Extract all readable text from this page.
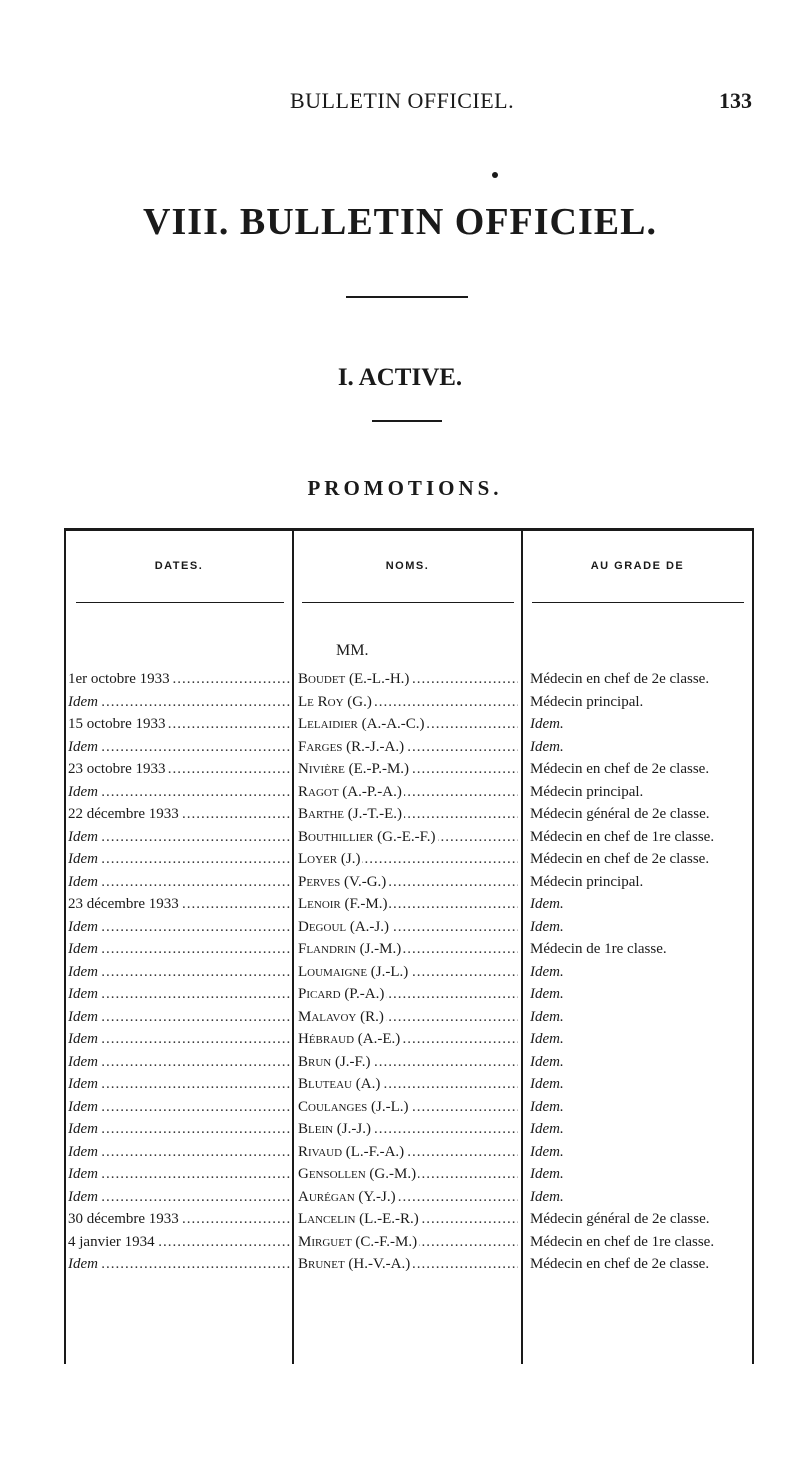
BULLETIN OFFICIEL.	133
VIII. BULLETIN OFFICIEL.
I. ACTIVE.
PROMOTIONS.
DATES.	NOMS.	AU GRADE DE
MM.
1er octobre 1933 .....	Boudet (E.-L.-H.) .....	Médecin en chef de 2e classe.
Idem .....	Le Roy (G.) .....	Médecin principal.
15 octobre 1933 .....	Lelaidier (A.-A.-C.) .....	Idem.
Idem .....	Farges (R.-J.-A.) .....	Idem.
23 octobre 1933 .....	Nivière (E.-P.-M.) .....	Médecin en chef de 2e classe.
Idem .....	Ragot (A.-P.-A.) .....	Médecin principal.
22 décembre 1933 .....	Barthe (J.-T.-E.) .....	Médecin général de 2e classe.
Idem .....	Bouthillier (G.-E.-F.) .....	Médecin en chef de 1re classe.
Idem .....	Loyer (J.) .....	Médecin en chef de 2e classe.
Idem .....	Perves (V.-G.) .....	Médecin principal.
23 décembre 1933 .....	Lenoir (F.-M.) .....	Idem.
Idem .....	Degoul (A.-J.) .....	Idem.
Idem .....	Flandrin (J.-M.) .....	Médecin de 1re classe.
Idem .....	Loumaigne (J.-L.) .....	Idem.
Idem .....	Picard (P.-A.) .....	Idem.
Idem .....	Malavoy (R.) .....	Idem.
Idem .....	Hébraud (A.-E.) .....	Idem.
Idem .....	Brun (J.-F.) .....	Idem.
Idem .....	Bluteau (A.) .....	Idem.
Idem .....	Coulanges (J.-L.) .....	Idem.
Idem .....	Blein (J.-J.) .....	Idem.
Idem .....	Rivaud (L.-F.-A.) .....	Idem.
Idem .....	Gensollen (G.-M.) .....	Idem.
Idem .....	Aurégan (Y.-J.) .....	Idem.
30 décembre 1933 .....	Lancelin (L.-E.-R.) .....	Médecin général de 2e classe.
4 janvier 1934 .....	Mirguet (C.-F.-M.) .....	Médecin en chef de 1re classe.
Idem .....	Brunet (H.-V.-A.) .....	Médecin en chef de 2e classe.
